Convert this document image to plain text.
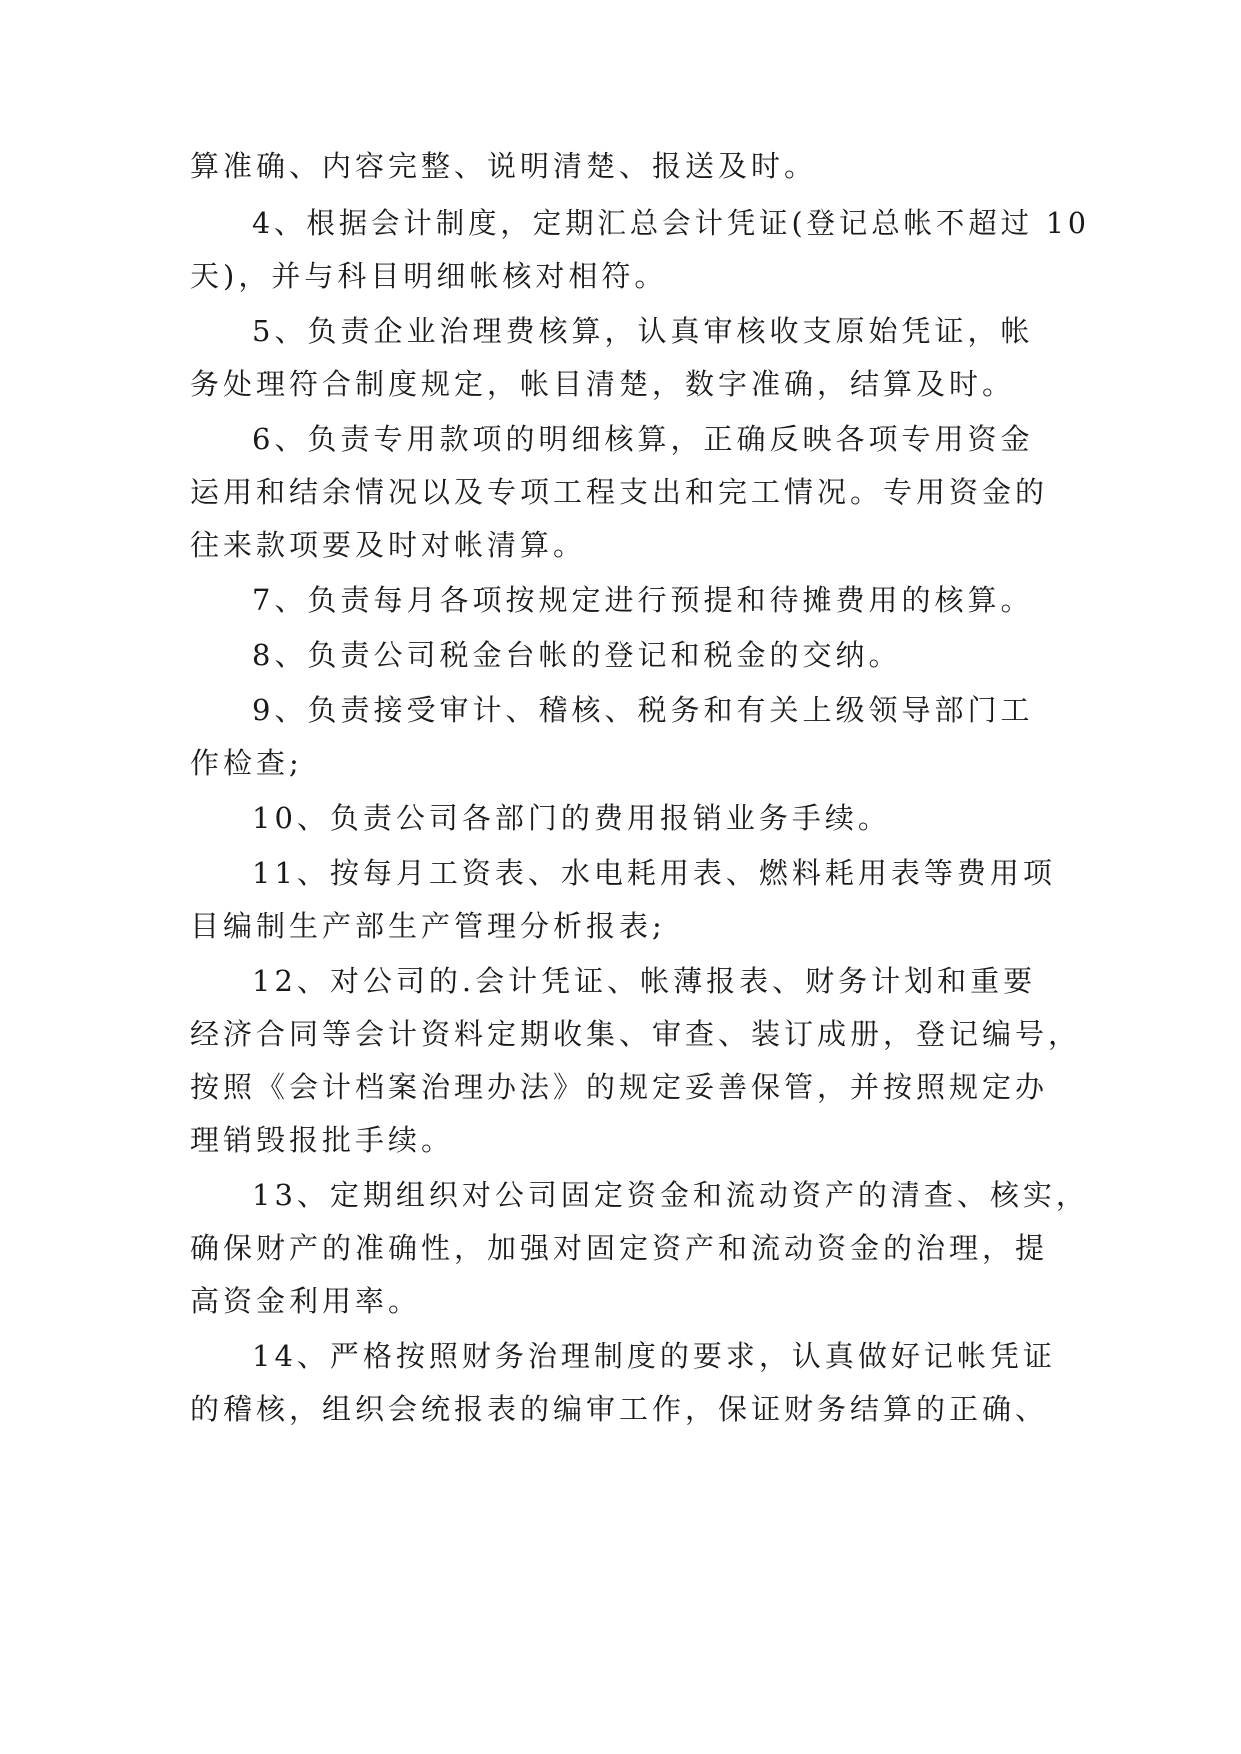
算准确、内容完整、说明清楚、报送及时。
4、根据会计制度，定期汇总会计凭证(登记总帐不超过 10
天)，并与科目明细帐核对相符。
5、负责企业治理费核算，认真审核收支原始凭证，帐
务处理符合制度规定，帐目清楚，数字准确，结算及时。
6、负责专用款项的明细核算，正确反映各项专用资金
运用和结余情况以及专项工程支出和完工情况。专用资金的
往来款项要及时对帐清算。
7、负责每月各项按规定进行预提和待摊费用的核算。
8、负责公司税金台帐的登记和税金的交纳。
9、负责接受审计、稽核、税务和有关上级领导部门工
作检查;
10、负责公司各部门的费用报销业务手续。
11、按每月工资表、水电耗用表、燃料耗用表等费用项
目编制生产部生产管理分析报表;
12、对公司的.会计凭证、帐薄报表、财务计划和重要
经济合同等会计资料定期收集、审查、装订成册，登记编号，
按照《会计档案治理办法》的规定妥善保管，并按照规定办
理销毁报批手续。
13、定期组织对公司固定资金和流动资产的清查、核实，
确保财产的准确性，加强对固定资产和流动资金的治理，提
高资金利用率。
14、严格按照财务治理制度的要求，认真做好记帐凭证
的稽核，组织会统报表的编审工作，保证财务结算的正确、
